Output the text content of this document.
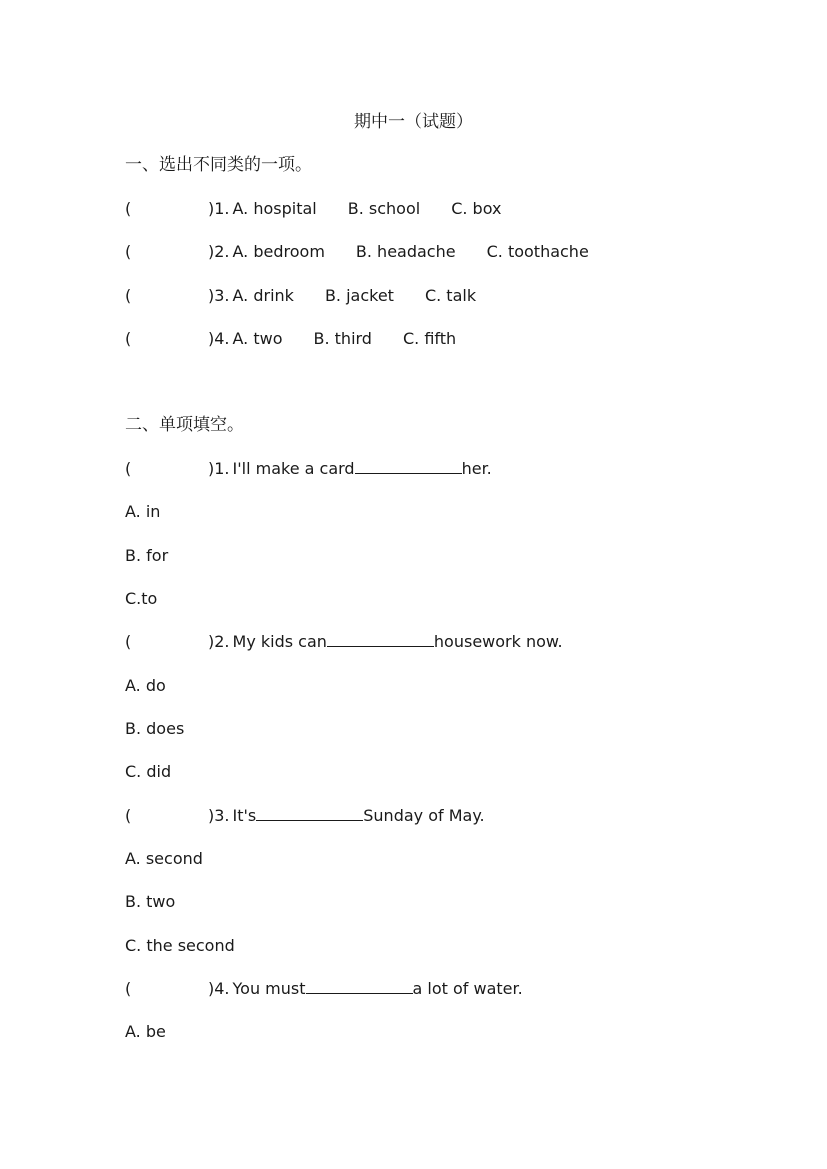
期中一（试题）
一、选出不同类的一项。
(	)1. A. hospital B. school C. box
(	)2. A. bedroom B. headache C. toothache
(	)3. A. drink B. jacket C. talk
(	)4. A. two B. third C. fifth
二、单项填空。
(	)1. I'll make a card	her.
A. in
B. for
C.to
(	)2. My kids can	housework now.
A. do
B. does
C. did
(	)3. It's	Sunday of May.
A. second
B. two
C. the second
(	)4. You must	a lot of water.
A. be
